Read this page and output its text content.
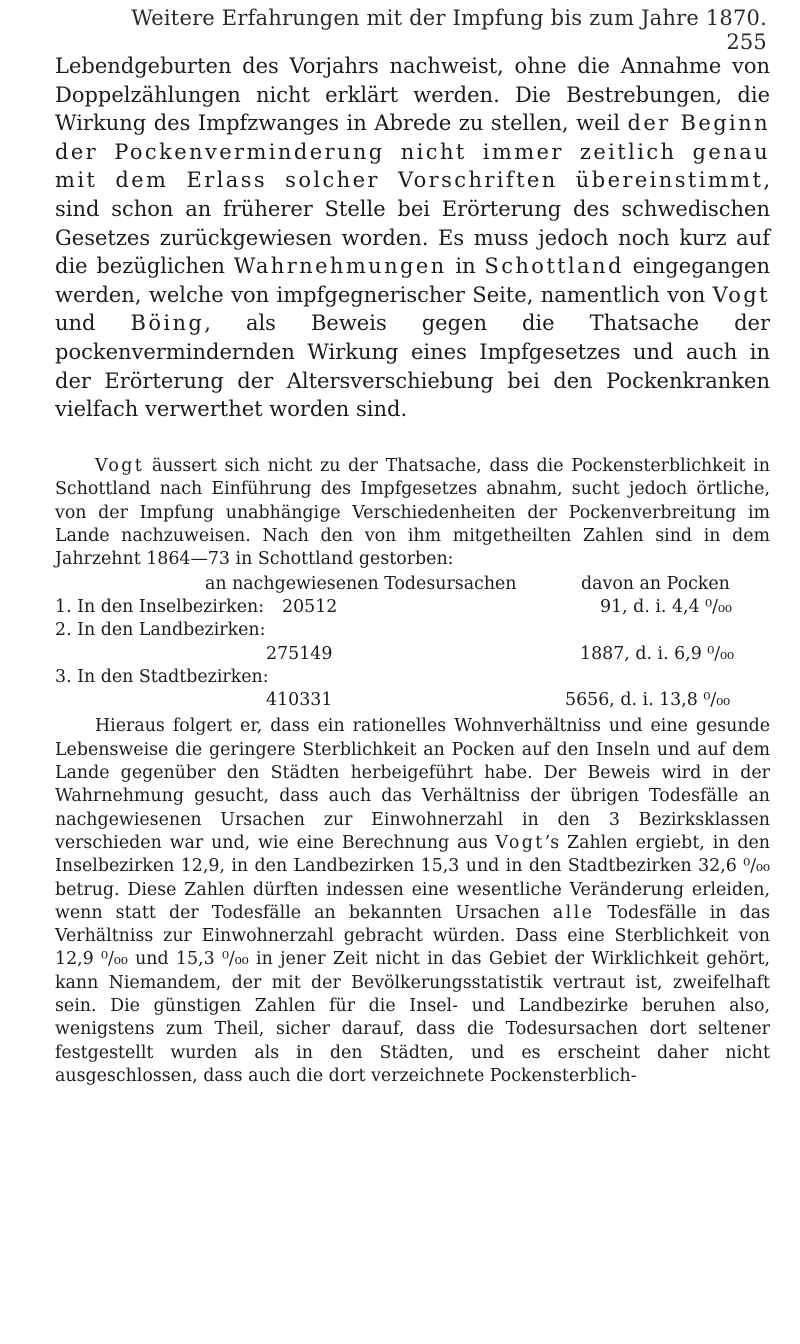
Weitere Erfahrungen mit der Impfung bis zum Jahre 1870.255

Lebendgeburten des Vorjahrs nachweist, ohne die Annahme von Doppelzählungen nicht erklärt werden. Die Bestrebungen, die Wirkung des Impfzwanges in Abrede zu stellen, weil der Beginn der Pockenverminderung nicht immer zeitlich genau mit dem Erlass solcher Vorschriften übereinstimmt, sind schon an früherer Stelle bei Erörterung des schwedischen Gesetzes zurückgewiesen worden. Es muss jedoch noch kurz auf die bezüglichen Wahrnehmungen in Schottland eingegangen werden, welche von impfgegnerischer Seite, namentlich von Vogt und Böing, als Beweis gegen die Thatsache der pockenvermindernden Wirkung eines Impfgesetzes und auch in der Erörterung der Altersverschiebung bei den Pockenkranken vielfach verwerthet worden sind.

Vogt äussert sich nicht zu der Thatsache, dass die Pockensterblichkeit in Schottland nach Einführung des Impfgesetzes abnahm, sucht jedoch örtliche, von der Impfung unabhängige Verschiedenheiten der Pockenverbreitung im Lande nachzuweisen. Nach den von ihm mitgetheilten Zahlen sind in dem Jahrzehnt 1864—73 in Schottland gestorben:

an nachgewiesenen Todesursachen	davon an Pocken
1. In den Inselbezirken: 20512	91, d. i. 4,4 ⁰/₀₀
2. In den Landbezirken:
275149	1887, d. i. 6,9 ⁰/₀₀
3. In den Stadtbezirken:
410331	5656, d. i. 13,8 ⁰/₀₀

Hieraus folgert er, dass ein rationelles Wohnverhältniss und eine gesunde Lebensweise die geringere Sterblichkeit an Pocken auf den Inseln und auf dem Lande gegenüber den Städten herbeigeführt habe. Der Beweis wird in der Wahrnehmung gesucht, dass auch das Verhältniss der übrigen Todesfälle an nachgewiesenen Ursachen zur Einwohnerzahl in den 3 Bezirksklassen verschieden war und, wie eine Berechnung aus Vogt’s Zahlen ergiebt, in den Inselbezirken 12,9, in den Landbezirken 15,3 und in den Stadtbezirken 32,6 ⁰/₀₀ betrug. Diese Zahlen dürften indessen eine wesentliche Veränderung erleiden, wenn statt der Todesfälle an bekannten Ursachen alle Todesfälle in das Verhältniss zur Einwohnerzahl gebracht würden. Dass eine Sterblichkeit von 12,9 ⁰/₀₀ und 15,3 ⁰/₀₀ in jener Zeit nicht in das Gebiet der Wirklichkeit gehört, kann Niemandem, der mit der Bevölkerungsstatistik vertraut ist, zweifelhaft sein. Die günstigen Zahlen für die Insel- und Landbezirke beruhen also, wenigstens zum Theil, sicher darauf, dass die Todesursachen dort seltener festgestellt wurden als in den Städten, und es erscheint daher nicht ausgeschlossen, dass auch die dort verzeichnete Pockensterblich-
